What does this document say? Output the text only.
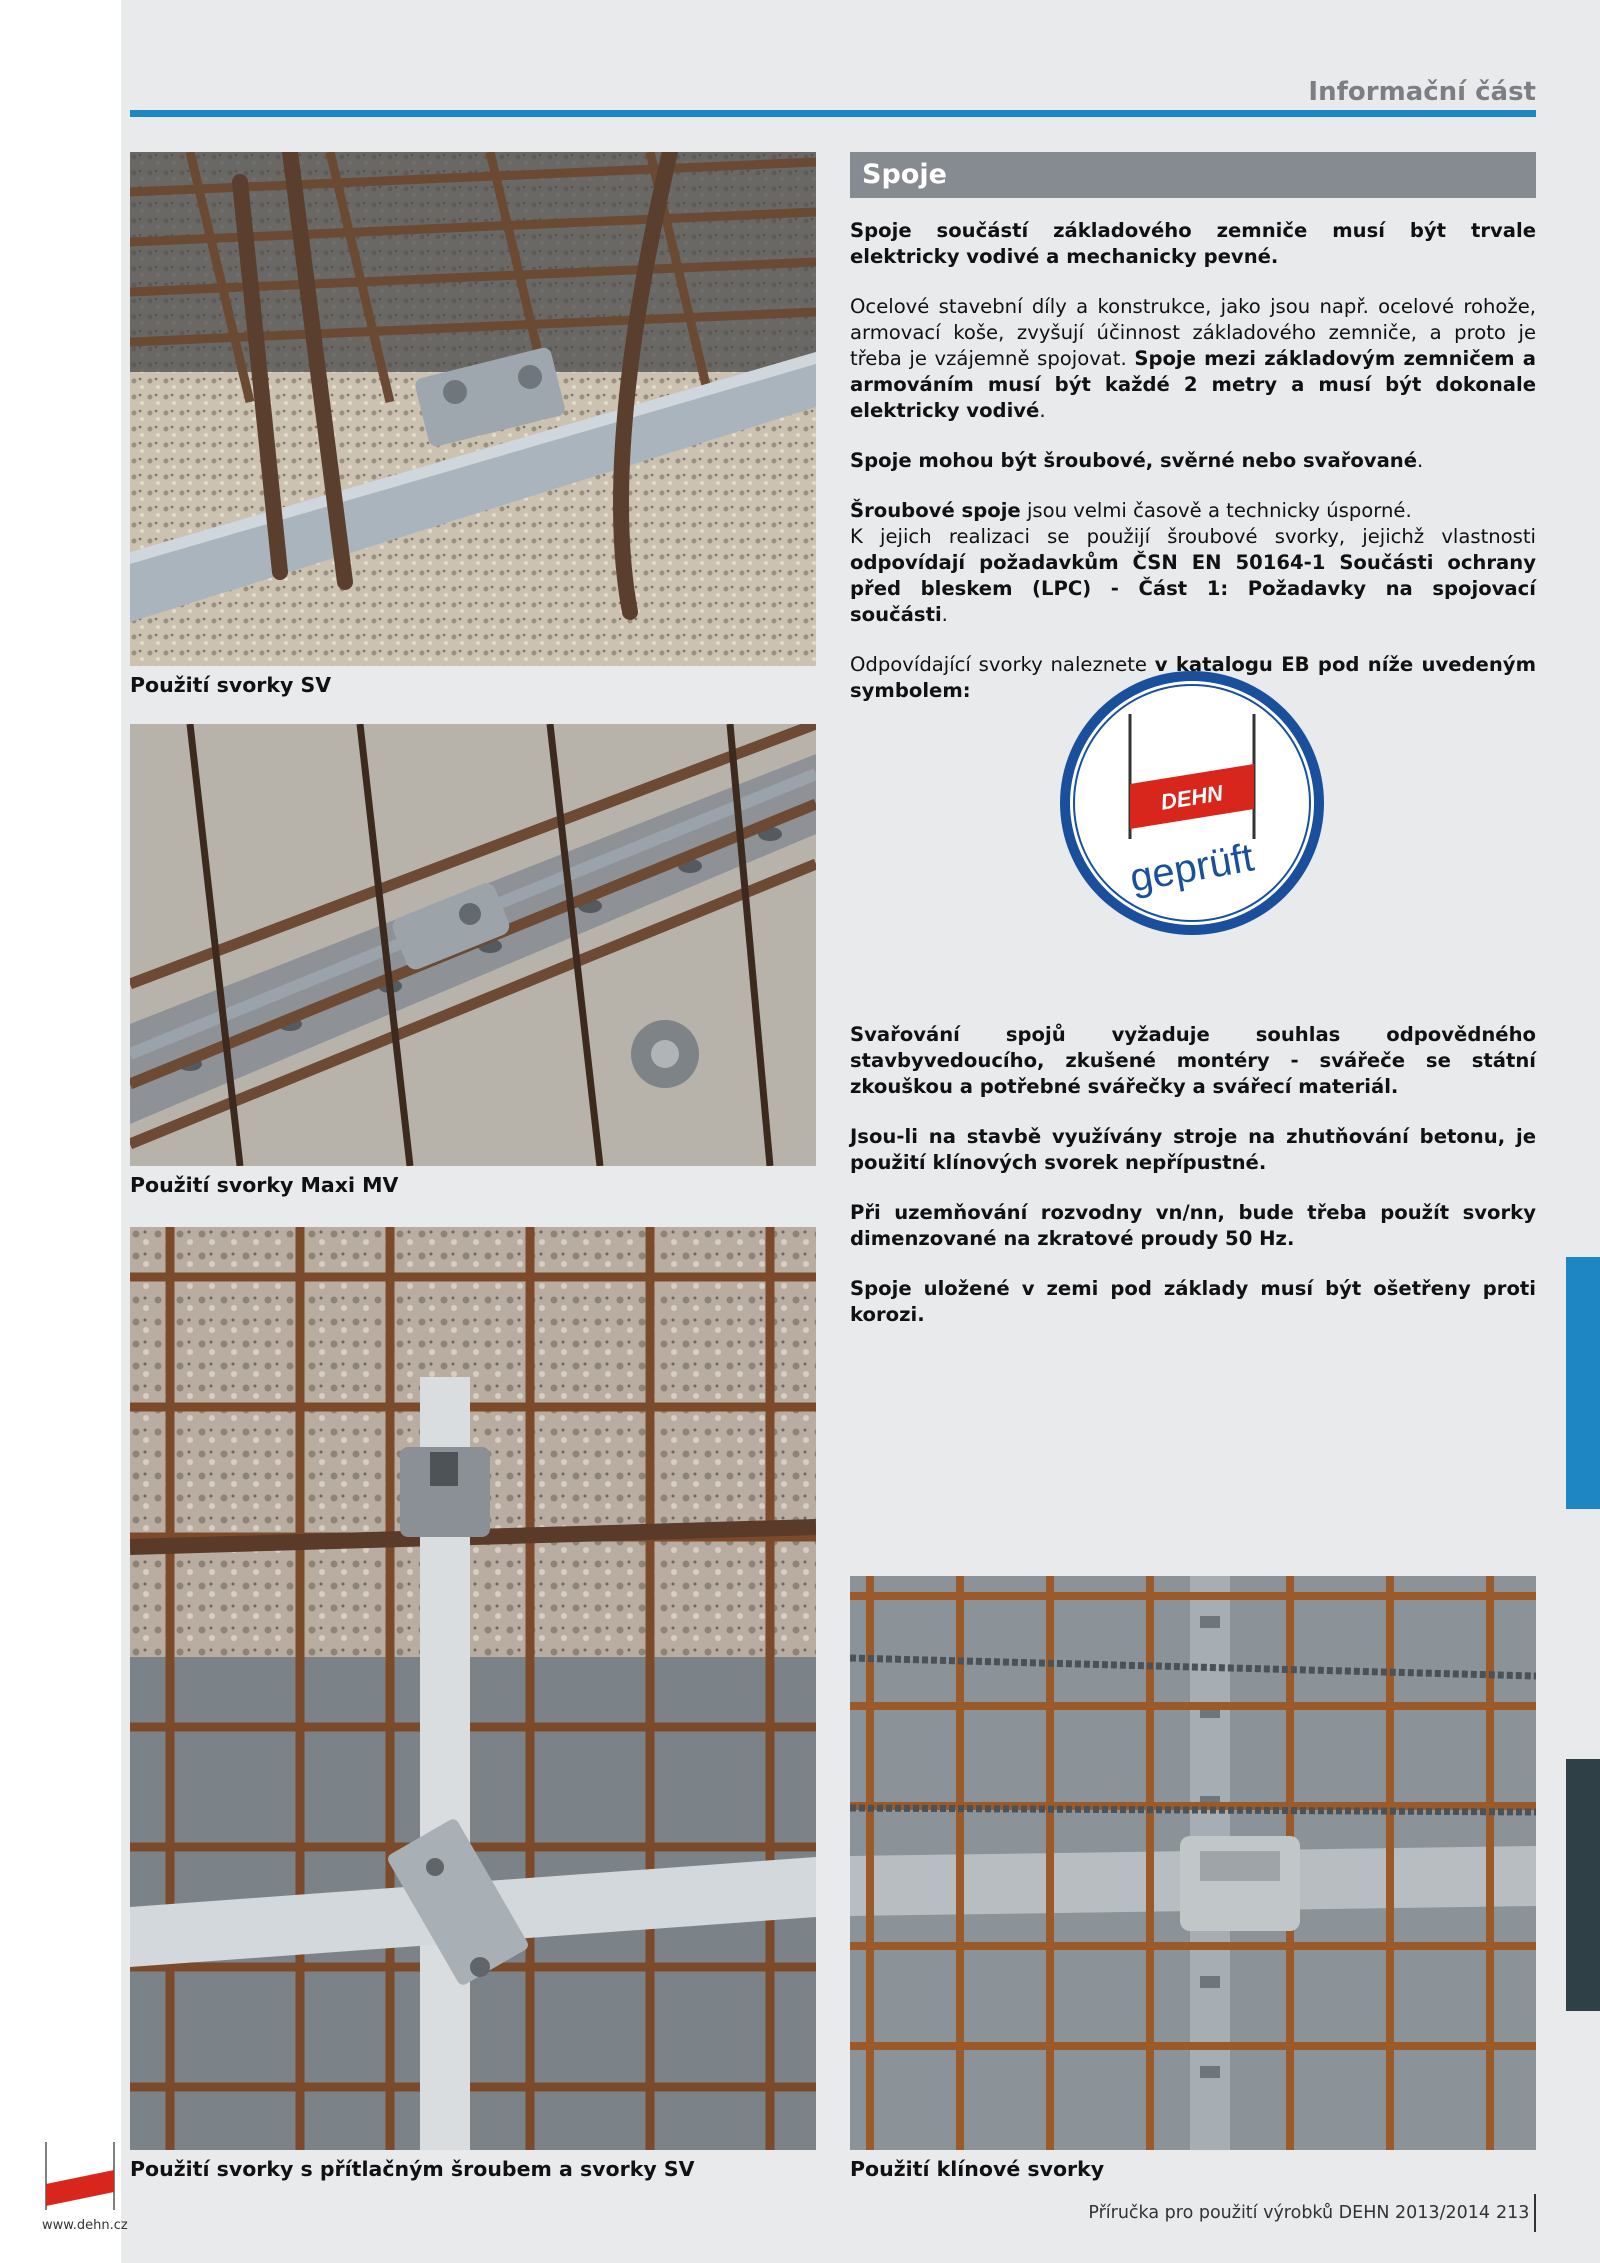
Informační část
Použití svorky SV
Použití svorky Maxi MV
Použití svorky s přítlačným šroubem a svorky SV	Použití klínové svorky
Spoje

Spoje součástí základového zemniče musí být trvale elektricky vodivé a mechanicky pevné.

Ocelové stavební díly a konstrukce, jako jsou např. ocelové rohože, armovací koše, zvyšují účinnost základového zemniče, a proto je třeba je vzájemně spojovat. Spoje mezi základovým zemničem a armováním musí být každé 2 metry a musí být dokonale elektricky vodivé.

Spoje mohou být šroubové, svěrné nebo svařované.

Šroubové spoje jsou velmi časově a technicky úsporné.

K jejich realizaci se použijí šroubové svorky, jejichž vlastnosti odpovídají požadavkům ČSN EN 50164-1 Součásti ochrany před bleskem (LPC) - Část 1: Požadavky na spojovací součásti.

Odpovídající svorky naleznete v katalogu EB pod níže uvedeným symbolem:

DEHN
geprüft

Svařování spojů vyžaduje souhlas odpovědného stavbyvedoucího, zkušené montéry - svářeče se státní zkouškou a potřebné svářečky a svářecí materiál.

Jsou-li na stavbě využívány stroje na zhutňování betonu, je použití klínových svorek nepřípustné.

Při uzemňování rozvodny vn/nn, bude třeba použít svorky dimenzované na zkratové proudy 50 Hz.

Spoje uložené v zemi pod základy musí být ošetřeny proti korozi.

www.dehn.cz
Příručka pro použití výrobků DEHN 2013/2014 213
